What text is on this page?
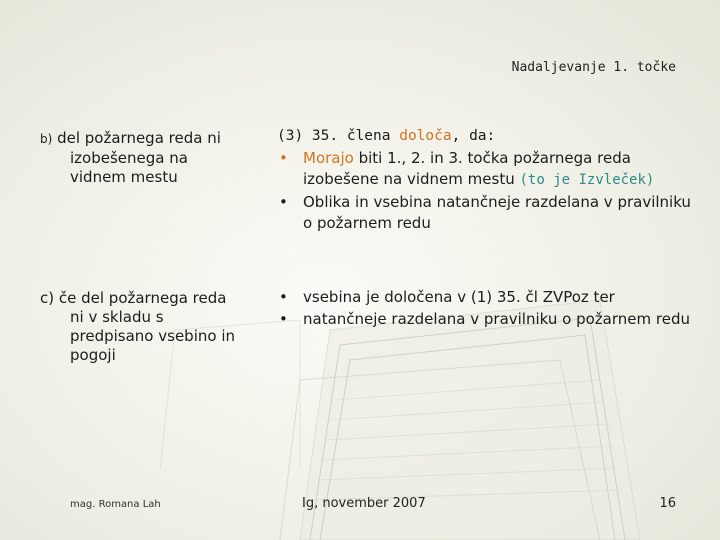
Nadaljevanje 1. točke
b) del požarnega reda ni izobešenega na vidnem mestu
c) če del požarnega reda ni v skladu s predpisano vsebino in pogoji
(3) 35. člena določa, da:
• Morajo biti 1., 2. in 3. točka požarnega reda izobešene na vidnem mestu (to je Izvleček)
• Oblika in vsebina natančneje razdelana v pravilniku o požarnem redu
• vsebina je določena v (1) 35. čl ZVPoz ter
• natančneje razdelana v pravilniku o požarnem redu
mag. Romana Lah	Ig, november 2007	16
